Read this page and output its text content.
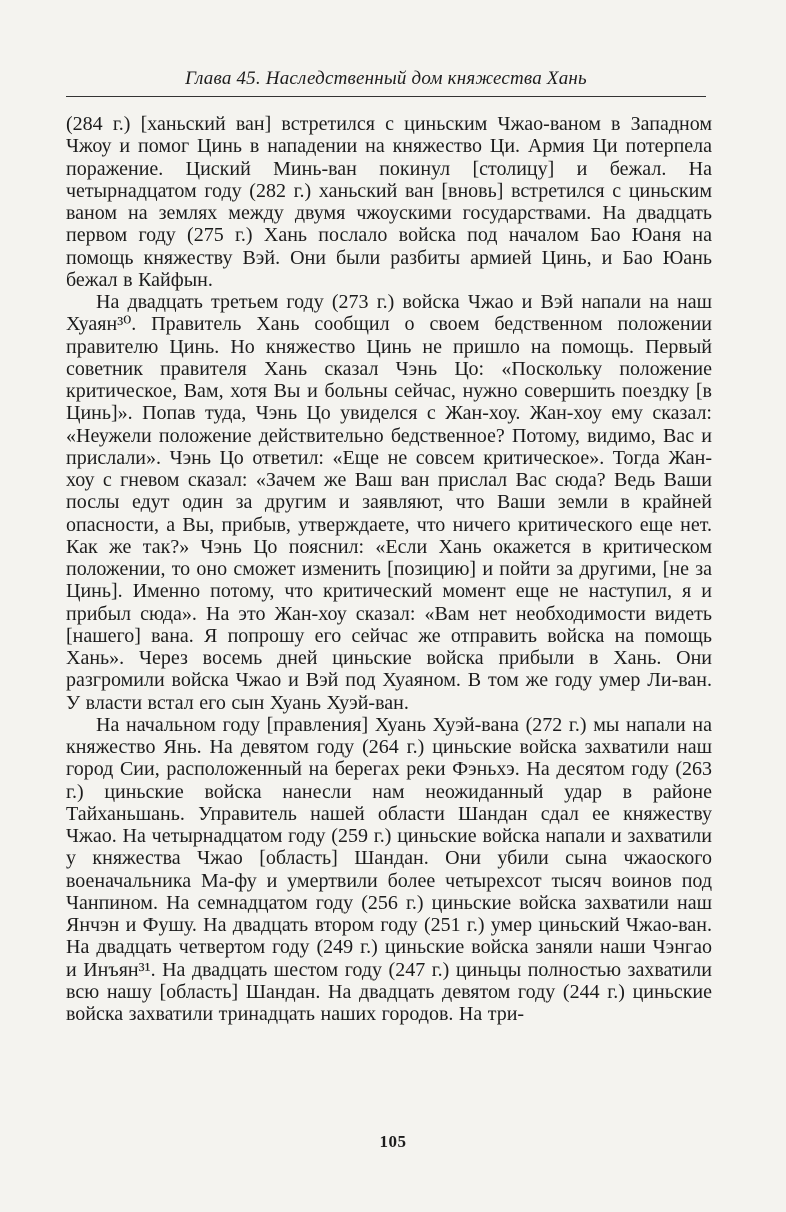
Глава 45. Наследственный дом княжества Хань

(284 г.) [ханьский ван] встретился с циньским Чжао-ваном в Западном Чжоу и помог Цинь в нападении на княжество Ци. Армия Ци потерпела поражение. Циский Минь-ван покинул [столицу] и бежал. На четырнадцатом году (282 г.) ханьский ван [вновь] встретился с циньским ваном на землях между двумя чжоускими государствами. На двадцать первом году (275 г.) Хань послало войска под началом Бао Юаня на помощь княжеству Вэй. Они были разбиты армией Цинь, и Бао Юань бежал в Кайфын.

На двадцать третьем году (273 г.) войска Чжао и Вэй напали на наш Хуаян³⁰. Правитель Хань сообщил о своем бедственном положении правителю Цинь. Но княжество Цинь не пришло на помощь. Первый советник правителя Хань сказал Чэнь Цо: «Поскольку положение критическое, Вам, хотя Вы и больны сейчас, нужно совершить поездку [в Цинь]». Попав туда, Чэнь Цо увиделся с Жан-хоу. Жан-хоу ему сказал: «Неужели положение действительно бедственное? Потому, видимо, Вас и прислали». Чэнь Цо ответил: «Еще не совсем критическое». Тогда Жан-хоу с гневом сказал: «Зачем же Ваш ван прислал Вас сюда? Ведь Ваши послы едут один за другим и заявляют, что Ваши земли в крайней опасности, а Вы, прибыв, утверждаете, что ничего критического еще нет. Как же так?» Чэнь Цо пояснил: «Если Хань окажется в критическом положении, то оно сможет изменить [позицию] и пойти за другими, [не за Цинь]. Именно потому, что критический момент еще не наступил, я и прибыл сюда». На это Жан-хоу сказал: «Вам нет необходимости видеть [нашего] вана. Я попрошу его сейчас же отправить войска на помощь Хань». Через восемь дней циньские войска прибыли в Хань. Они разгромили войска Чжао и Вэй под Хуаяном. В том же году умер Ли-ван. У власти встал его сын Хуань Хуэй-ван.

На начальном году [правления] Хуань Хуэй-вана (272 г.) мы напали на княжество Янь. На девятом году (264 г.) циньские войска захватили наш город Сии, расположенный на берегах реки Фэньхэ. На десятом году (263 г.) циньские войска нанесли нам неожиданный удар в районе Тайханьшань. Управитель нашей области Шандан сдал ее княжеству Чжао. На четырнадцатом году (259 г.) циньские войска напали и захватили у княжества Чжао [область] Шандан. Они убили сына чжаоского военачальника Ма-фу и умертвили более четырехсот тысяч воинов под Чанпином. На семнадцатом году (256 г.) циньские войска захватили наш Янчэн и Фушу. На двадцать втором году (251 г.) умер циньский Чжао-ван. На двадцать четвертом году (249 г.) циньские войска заняли наши Чэнгао и Инъян³¹. На двадцать шестом году (247 г.) циньцы полностью захватили всю нашу [область] Шандан. На двадцать девятом году (244 г.) циньские войска захватили тринадцать наших городов. На три-

105
